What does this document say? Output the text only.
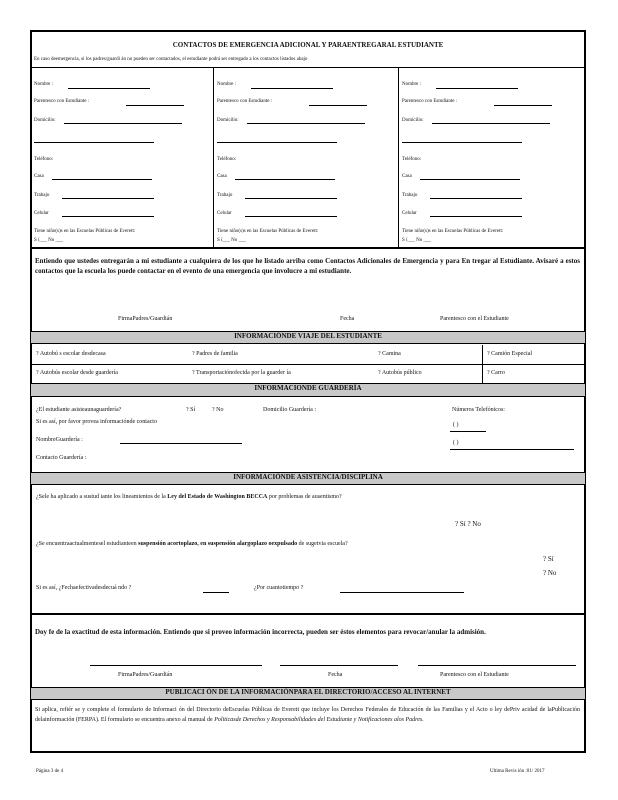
CONTACTOS DE EMERGENCIA ADICIONAL Y PARAENTREGARAL ESTUDIANTE
En caso deemergencia, si los padres/guardi án no pueden ser contactados, el estudiante podrá ser entregado a los contactos listados abajo
Nombre :
Parentesco con Estudiante :
Domicilio:
Teléfono:
Casa
Trabajo
Celular
Tiene niño(s)s en las Escuelas Públicas de Everett:
S í___ No ___
Nombre :
Parentesco con Estudiante :
Domicilio:
Teléfono:
Casa
Trabajo
Celular
Tiene niño(s)s en las Escuelas Públicas de Everett:
S í___ No ___
Nombre :
Parentesco con Estudiante :
Domicilio:
Teléfono:
Casa
Trabajo
Celular
Tiene niño(s)s en las Escuelas Públicas de Everett:
S í___ No ___
Entiendo que ustedes entregarán a mi estudiante a cualquiera de los que he listado arriba como Contactos Adicionales de Emergencia y para En tregar al Estudiante. Avisaré a estos contactos que la escuela los puede contactar en el evento de una emergencia que involucre a mi estudiante.
FirmaPadres/Guardián	Fecha	Parentesco con el Estudiante
INFORMACIÓNDE VIAJE DEL ESTUDIANTE
? Autobú s escolar desdecasa	? Padres de familia	? Camina	? Camión Especial
? Autobús escolar desde guardería	? Transportaciónofecida por la guarder ía	? Autobús público	? Carro
INFORMACIONDE GUARDERÍA
¿El estudiante asisteaunaguardería?	? Sí	? No	Domicilio Guardería :	Números Telefónicos:
Si es así, por favor provea informaciónde contacto	( )
NombreGuardería :	( )
Contacto Guardería :
INFORMACIÓNDE ASISTENCIA/DISCIPLINA
¿Sele ha aplicado a sustud iante los lineamientos de la Ley del Estado de Washington BECCA por problemas de ausentismo?
? Sí ? No
¿Se encuentraactualmentesel estudianteen suspensión acortoplazo, en suspensión alargoplazo oexpulsado de sugetvia escuela?
? Sí
? No
Si es así, ¿Fechaefectivadesdecuá ndo ?	¿Por cuantotiempo ?
Doy fe de la exactitud de esta información. Entiendo que si proveo información incorrecta, pueden ser éstos elementos para revocar/anular la admisión.
FirmaPadres/Guardián	Fecha	Parentesco con el Estudiante
PUBLICACI ÓN DE LA INFORMACIÓNPARA EL DIRECTORIO/ACCESO AL INTERNET
Si aplica, refiér se y complete el formulario de Informaci ón del Directorio deEscuelas Públicas de Everett que incluye los Derechos Federales de Educación de las Familias y el Acto o ley dePriv acidad de laPublicación delainformación (FERPA). El formulario se encuentra anexo al manual de Politicasde Derechos y Responsabilidades del Estudiante y Notificaciones alos Padres.
Página 3 de 4	Ultima Revis ión :01/ 2017
